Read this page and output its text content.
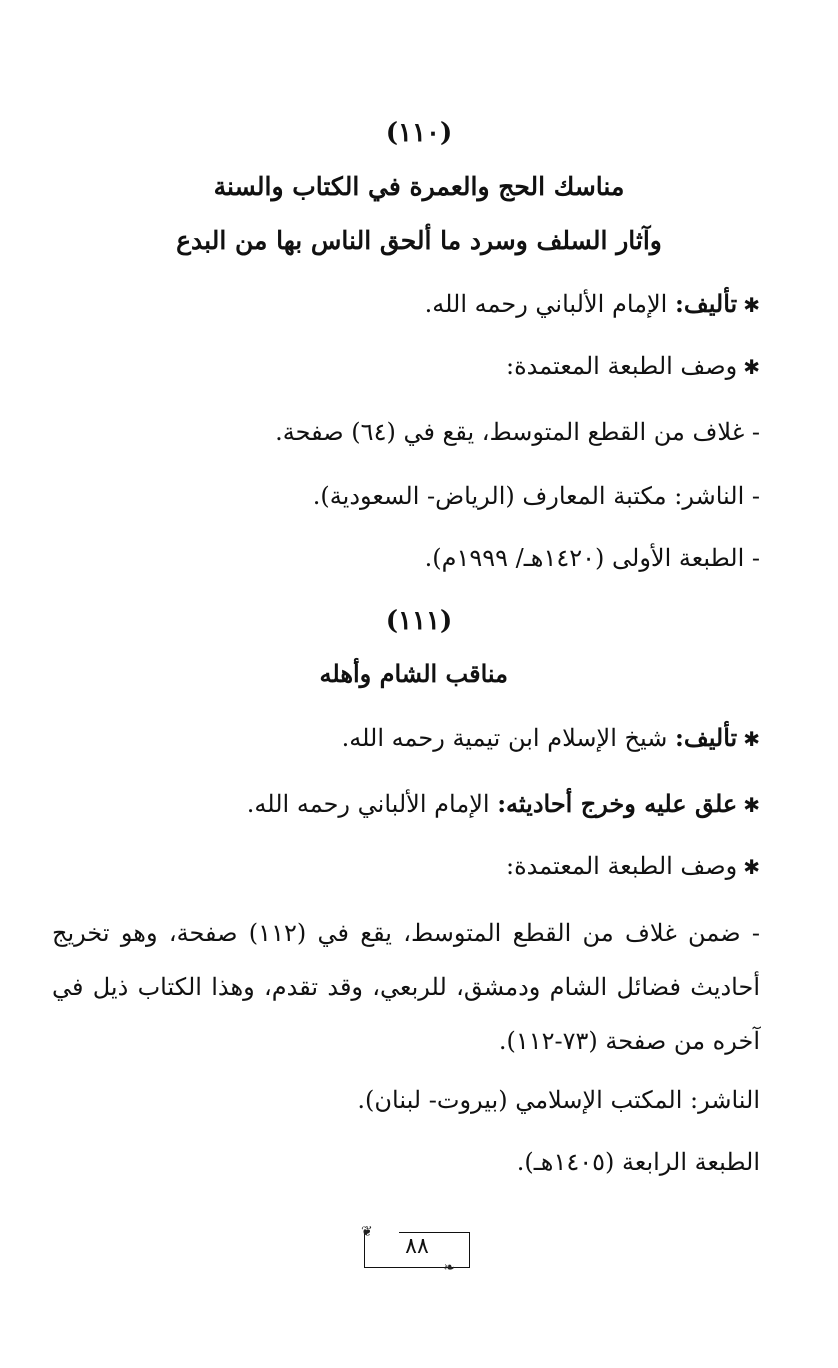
(١١٠)
مناسك الحج والعمرة في الكتاب والسنة
وآثار السلف وسرد ما ألحق الناس بها من البدع
✱تأليف: الإمام الألباني رحمه الله.
✱وصف الطبعة المعتمدة:
- غلاف من القطع المتوسط، يقع في (٦٤) صفحة.
- الناشر: مكتبة المعارف (الرياض- السعودية).
- الطبعة الأولى (١٤٢٠هـ/ ١٩٩٩م).
(١١١)
مناقب الشام وأهله
✱تأليف: شيخ الإسلام ابن تيمية رحمه الله.
✱علق عليه وخرج أحاديثه: الإمام الألباني رحمه الله.
✱وصف الطبعة المعتمدة:
- ضمن غلاف من القطع المتوسط، يقع في (١١٢) صفحة، وهو تخريج أحاديث فضائل الشام ودمشق، للربعي، وقد تقدم، وهذا الكتاب ذيل في آخره من صفحة (٧٣-١١٢).
الناشر: المكتب الإسلامي (بيروت- لبنان).
الطبعة الرابعة (١٤٠٥هـ).
❦
❧
٨٨
